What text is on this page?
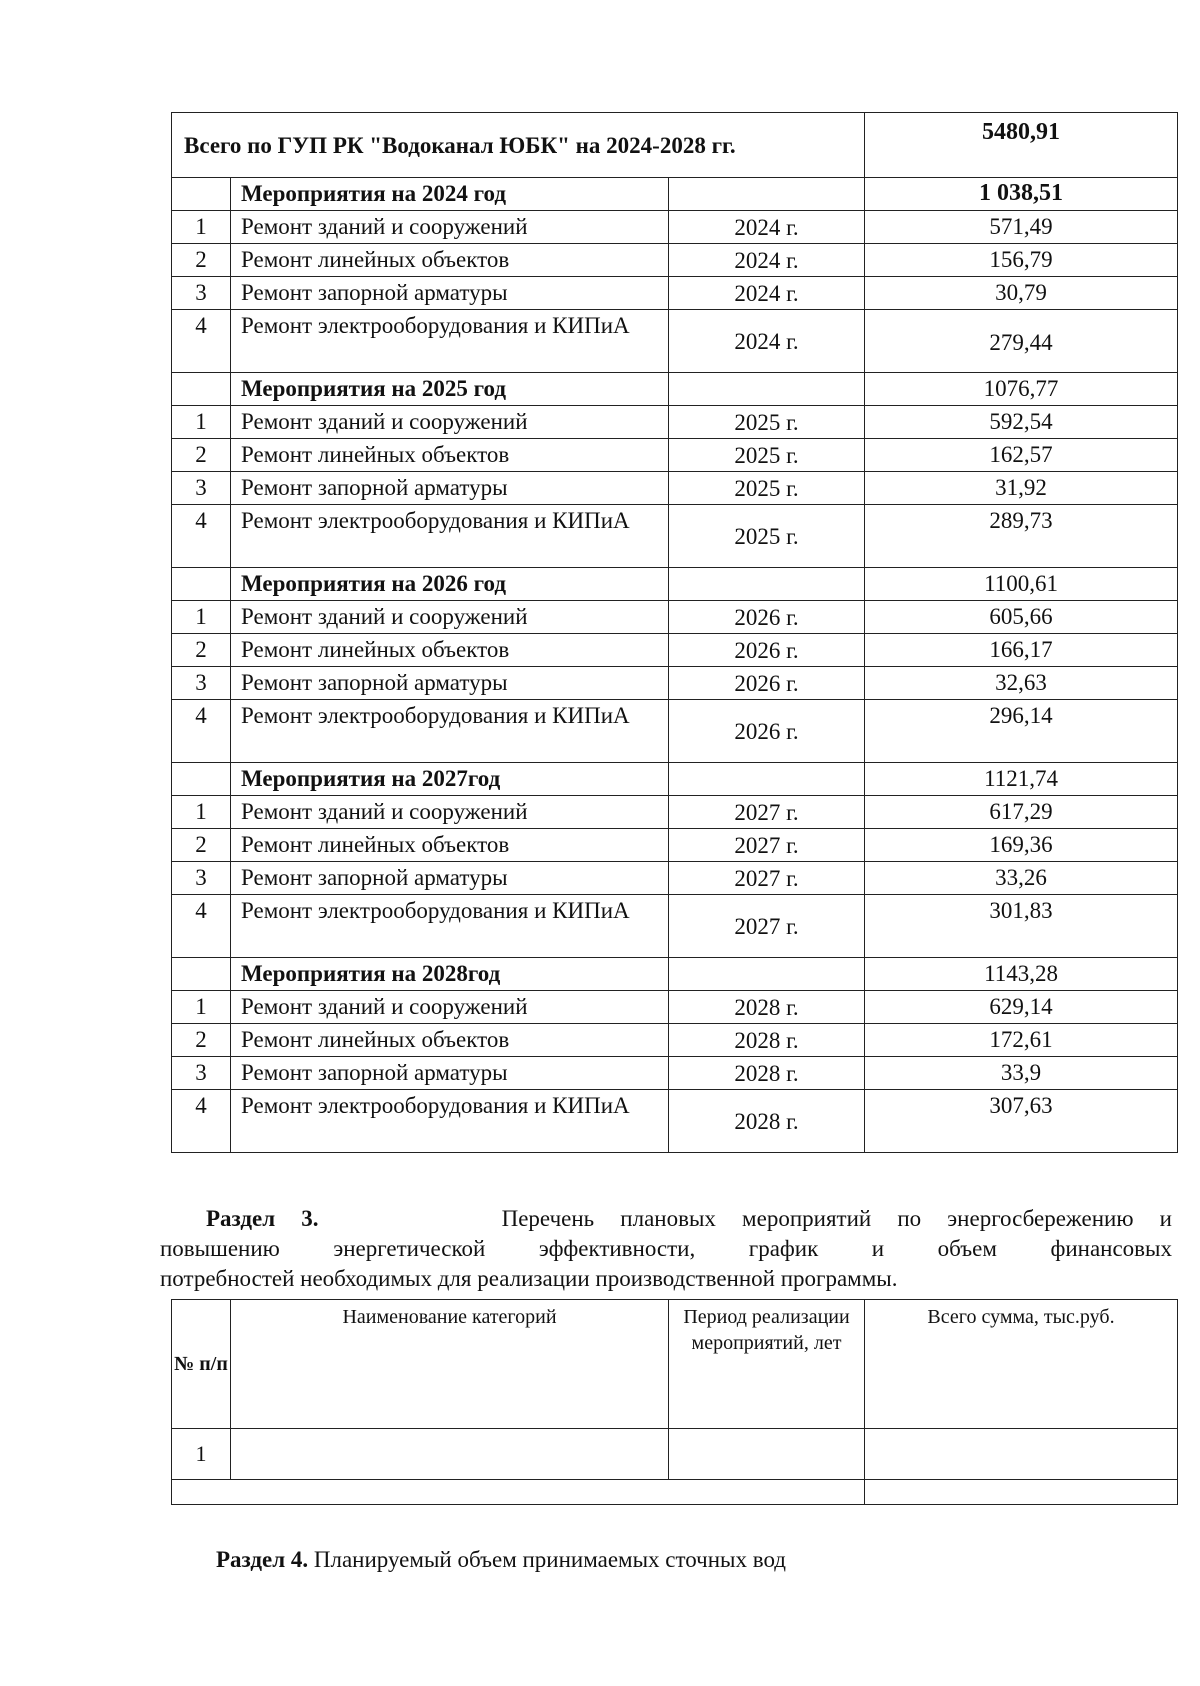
Всего по ГУП РК "Водоканал ЮБК" на 2024-2028 гг.			5480,91
	Мероприятия на 2024 год		1 038,51
1	Ремонт зданий и сооружений	2024 г.	571,49
2	Ремонт линейных объектов	2024 г.	156,79
3	Ремонт запорной арматуры	2024 г.	30,79
4	Ремонт электрооборудования и КИПиА	2024 г.	279,44
	Мероприятия на 2025 год		1076,77
1	Ремонт зданий и сооружений	2025 г.	592,54
2	Ремонт линейных объектов	2025 г.	162,57
3	Ремонт запорной арматуры	2025 г.	31,92
4	Ремонт электрооборудования и КИПиА	2025 г.	289,73
	Мероприятия на 2026 год		1100,61
1	Ремонт зданий и сооружений	2026 г.	605,66
2	Ремонт линейных объектов	2026 г.	166,17
3	Ремонт запорной арматуры	2026 г.	32,63
4	Ремонт электрооборудования и КИПиА	2026 г.	296,14
	Мероприятия на 2027год		1121,74
1	Ремонт зданий и сооружений	2027 г.	617,29
2	Ремонт линейных объектов	2027 г.	169,36
3	Ремонт запорной арматуры	2027 г.	33,26
4	Ремонт электрооборудования и КИПиА	2027 г.	301,83
	Мероприятия на 2028год		1143,28
1	Ремонт зданий и сооружений	2028 г.	629,14
2	Ремонт линейных объектов	2028 г.	172,61
3	Ремонт запорной арматуры	2028 г.	33,9
4	Ремонт электрооборудования и КИПиА	2028 г.	307,63
Раздел 3.	Перечень плановых мероприятий по энергосбережению и
повышению энергетической эффективности, график и объем финансовых
потребностей необходимых для реализации производственной программы.
№ п/п	Наименование категорий	Период реализации мероприятий, лет	Всего сумма, тыс.руб.
1			

Раздел 4. Планируемый объем принимаемых сточных вод
